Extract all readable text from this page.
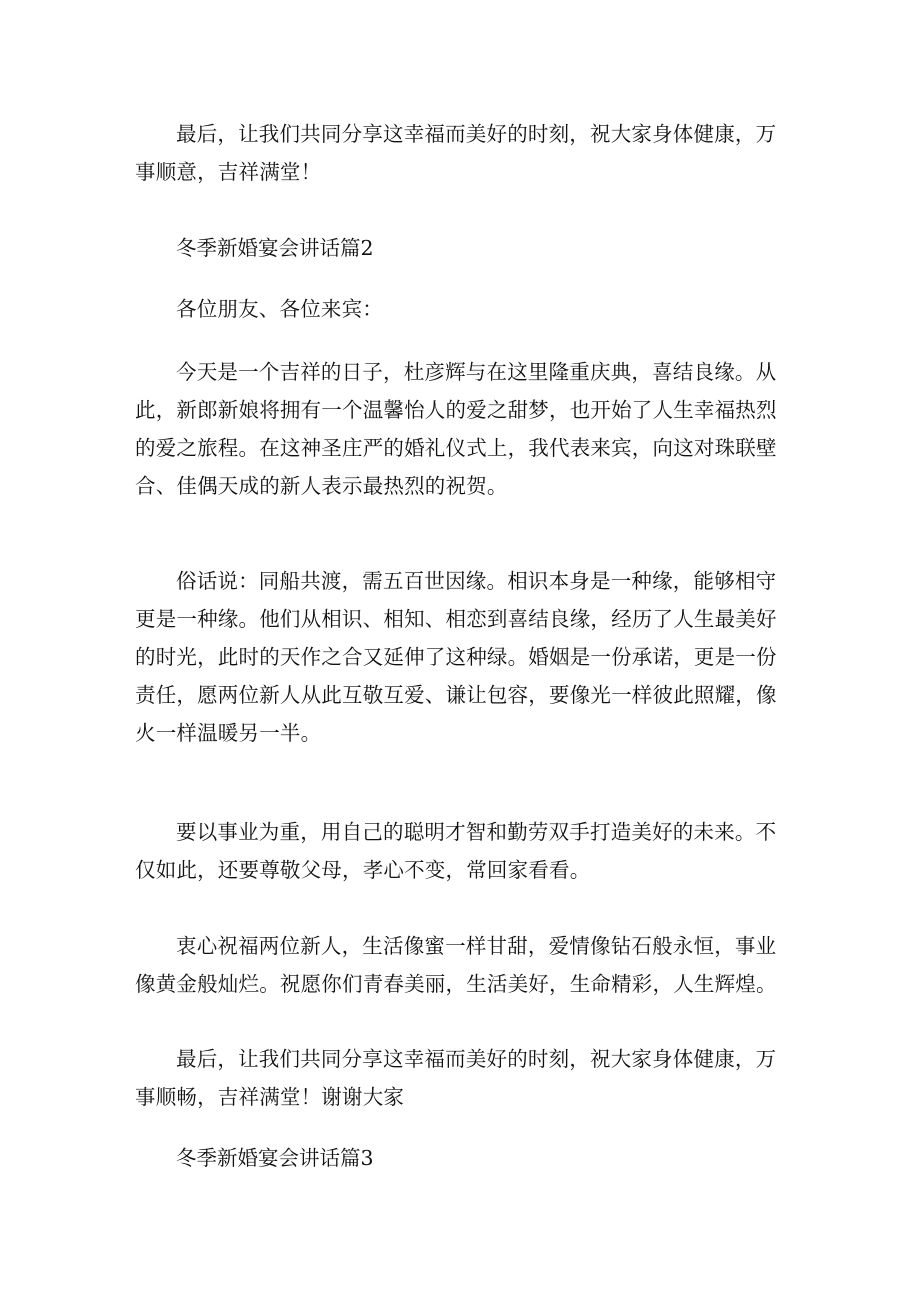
最后，让我们共同分享这幸福而美好的时刻，祝大家身体健康，万事顺意，吉祥满堂！

冬季新婚宴会讲话篇2

各位朋友、各位来宾：

今天是一个吉祥的日子，杜彦辉与在这里隆重庆典，喜结良缘。从此，新郎新娘将拥有一个温馨怡人的爱之甜梦，也开始了人生幸福热烈的爱之旅程。在这神圣庄严的婚礼仪式上，我代表来宾，向这对珠联壁合、佳偶天成的新人表示最热烈的祝贺。

俗话说：同船共渡，需五百世因缘。相识本身是一种缘，能够相守更是一种缘。他们从相识、相知、相恋到喜结良缘，经历了人生最美好的时光，此时的天作之合又延伸了这种绿。婚姻是一份承诺，更是一份责任，愿两位新人从此互敬互爱、谦让包容，要像光一样彼此照耀，像火一样温暖另一半。

要以事业为重，用自己的聪明才智和勤劳双手打造美好的未来。不仅如此，还要尊敬父母，孝心不变，常回家看看。

衷心祝福两位新人，生活像蜜一样甘甜，爱情像钻石般永恒，事业像黄金般灿烂。祝愿你们青春美丽，生活美好，生命精彩，人生辉煌。

最后，让我们共同分享这幸福而美好的时刻，祝大家身体健康，万事顺畅，吉祥满堂！谢谢大家

冬季新婚宴会讲话篇3
